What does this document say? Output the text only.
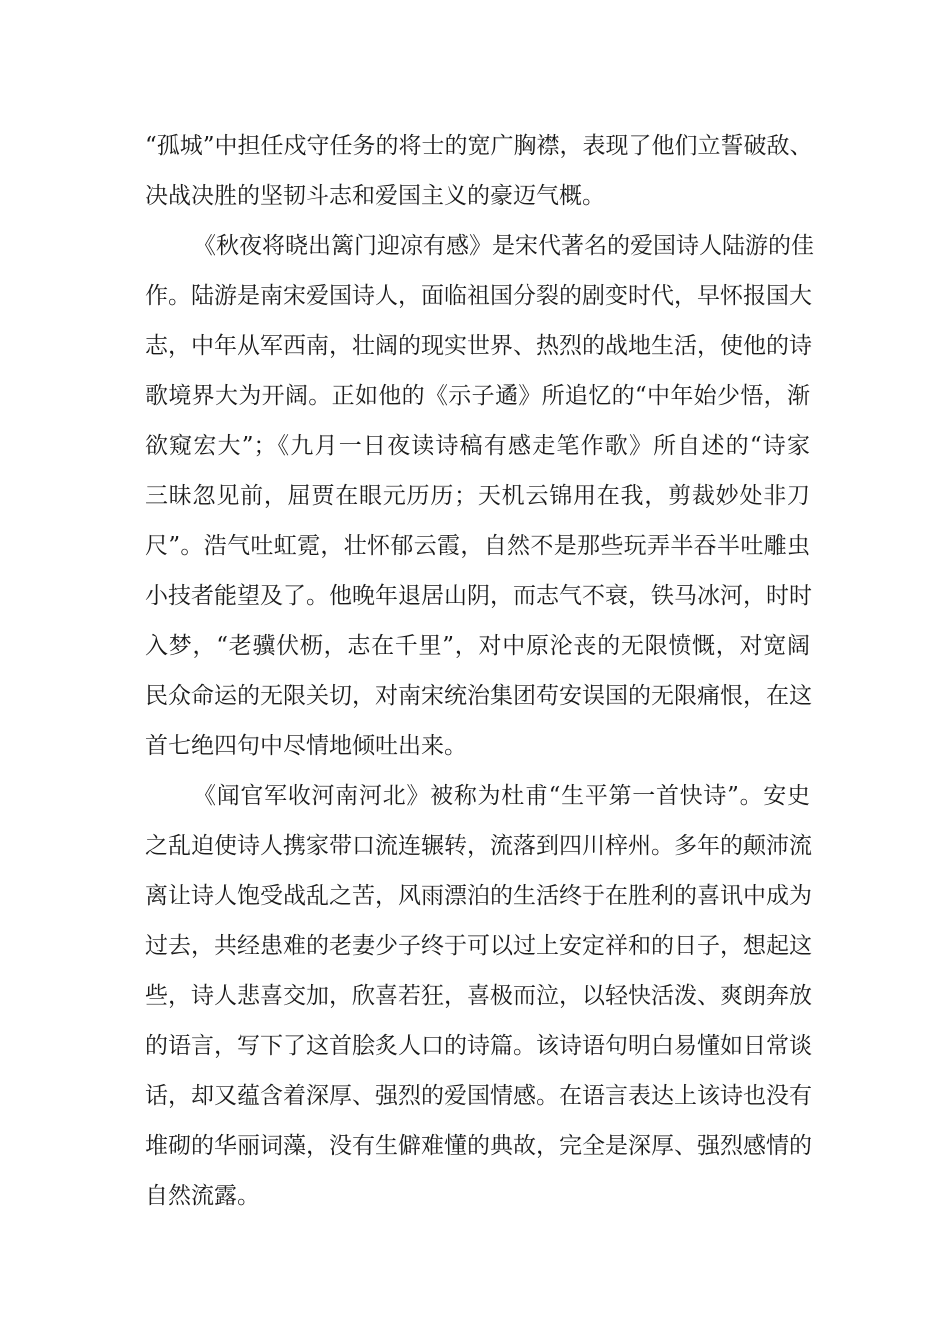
“孤城”中担任戍守任务的将士的宽广胸襟，表现了他们立誓破敌、
决战决胜的坚韧斗志和爱国主义的豪迈气概。
《秋夜将晓出篱门迎凉有感》是宋代著名的爱国诗人陆游的佳
作。陆游是南宋爱国诗人，面临祖国分裂的剧变时代，早怀报国大
志，中年从军西南，壮阔的现实世界、热烈的战地生活，使他的诗
歌境界大为开阔。正如他的《示子遹》所追忆的“中年始少悟，渐
欲窥宏大”；《九月一日夜读诗稿有感走笔作歌》所自述的“诗家
三昧忽见前，屈贾在眼元历历；天机云锦用在我，剪裁妙处非刀
尺”。浩气吐虹霓，壮怀郁云霞，自然不是那些玩弄半吞半吐雕虫
小技者能望及了。他晚年退居山阴，而志气不衰，铁马冰河，时时
入梦，“老骥伏枥，志在千里”，对中原沦丧的无限愤慨，对宽阔
民众命运的无限关切，对南宋统治集团苟安误国的无限痛恨，在这
首七绝四句中尽情地倾吐出来。
《闻官军收河南河北》被称为杜甫“生平第一首快诗”。安史
之乱迫使诗人携家带口流连辗转，流落到四川梓州。多年的颠沛流
离让诗人饱受战乱之苦，风雨漂泊的生活终于在胜利的喜讯中成为
过去，共经患难的老妻少子终于可以过上安定祥和的日子，想起这
些，诗人悲喜交加，欣喜若狂，喜极而泣，以轻快活泼、爽朗奔放
的语言，写下了这首脍炙人口的诗篇。该诗语句明白易懂如日常谈
话，却又蕴含着深厚、强烈的爱国情感。在语言表达上该诗也没有
堆砌的华丽词藻，没有生僻难懂的典故，完全是深厚、强烈感情的
自然流露。
